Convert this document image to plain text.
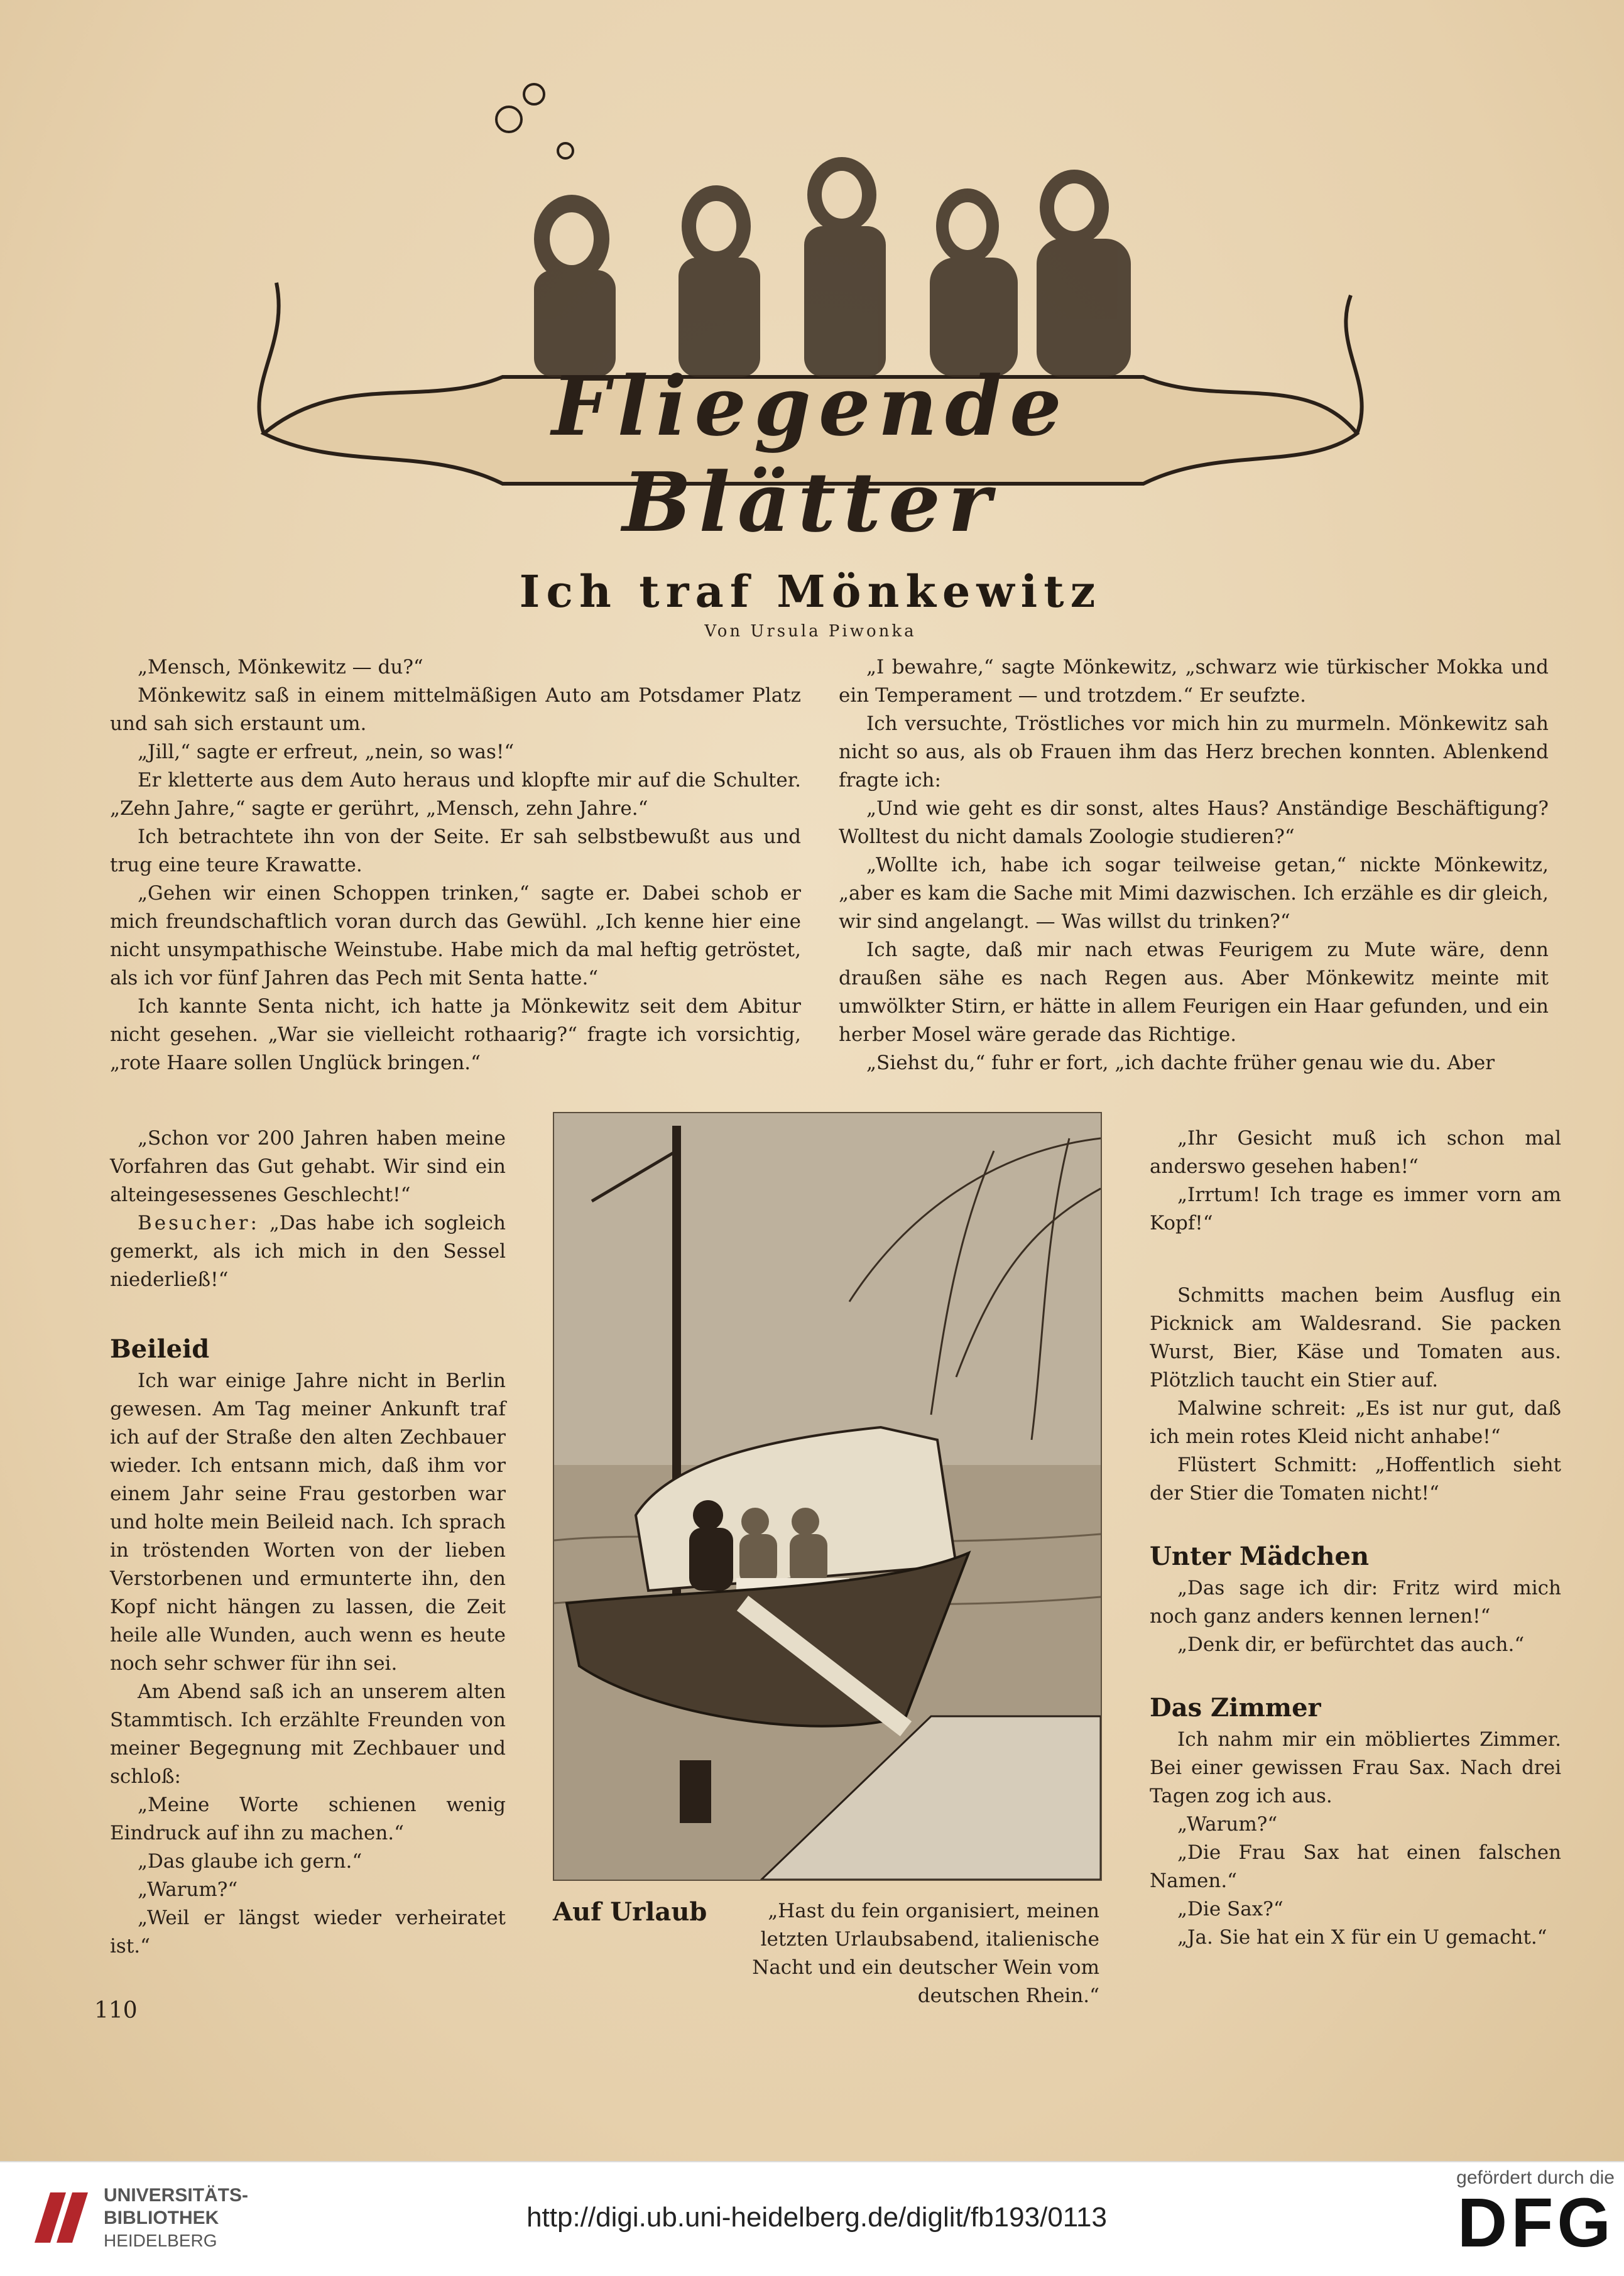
Fliegende Blätter
Ich traf Mönkewitz
Von Ursula Piwonka

„Mensch, Mönkewitz — du?“

Mönkewitz saß in einem mittelmäßigen Auto am Potsdamer Platz und sah sich erstaunt um.

„Jill,“ sagte er erfreut, „nein, so was!“

Er kletterte aus dem Auto heraus und klopfte mir auf die Schulter. „Zehn Jahre,“ sagte er gerührt, „Mensch, zehn Jahre.“

Ich betrachtete ihn von der Seite. Er sah selbstbewußt aus und trug eine teure Krawatte.

„Gehen wir einen Schoppen trinken,“ sagte er. Dabei schob er mich freundschaftlich voran durch das Gewühl. „Ich kenne hier eine nicht unsympathische Weinstube. Habe mich da mal heftig getröstet, als ich vor fünf Jahren das Pech mit Senta hatte.“

Ich kannte Senta nicht, ich hatte ja Mönkewitz seit dem Abitur nicht gesehen. „War sie vielleicht rothaarig?“ fragte ich vorsichtig, „rote Haare sollen Unglück bringen.“

„I bewahre,“ sagte Mönkewitz, „schwarz wie türkischer Mokka und ein Temperament — und trotzdem.“ Er seufzte.

Ich versuchte, Tröstliches vor mich hin zu murmeln. Mönkewitz sah nicht so aus, als ob Frauen ihm das Herz brechen konnten. Ablenkend fragte ich:

„Und wie geht es dir sonst, altes Haus? Anständige Beschäftigung? Wolltest du nicht damals Zoologie studieren?“

„Wollte ich, habe ich sogar teilweise getan,“ nickte Mönkewitz, „aber es kam die Sache mit Mimi dazwischen. Ich erzähle es dir gleich, wir sind angelangt. — Was willst du trinken?“

Ich sagte, daß mir nach etwas Feurigem zu Mute wäre, denn draußen sähe es nach Regen aus. Aber Mönkewitz meinte mit umwölkter Stirn, er hätte in allem Feurigen ein Haar gefunden, und ein herber Mosel wäre gerade das Richtige.

„Siehst du,“ fuhr er fort, „ich dachte früher genau wie du. Aber

„Schon vor 200 Jahren haben meine Vorfahren das Gut gehabt. Wir sind ein alteingesessenes Geschlecht!“

Besucher: „Das habe ich sogleich gemerkt, als ich mich in den Sessel niederließ!“

Beileid

Ich war einige Jahre nicht in Berlin gewesen. Am Tag meiner Ankunft traf ich auf der Straße den alten Zechbauer wieder. Ich entsann mich, daß ihm vor einem Jahr seine Frau gestorben war und holte mein Beileid nach. Ich sprach in tröstenden Worten von der lieben Verstorbenen und ermunterte ihn, den Kopf nicht hängen zu lassen, die Zeit heile alle Wunden, auch wenn es heute noch sehr schwer für ihn sei.

Am Abend saß ich an unserem alten Stammtisch. Ich erzählte Freunden von meiner Begegnung mit Zechbauer und schloß:

„Meine Worte schienen wenig Eindruck auf ihn zu machen.“

„Das glaube ich gern.“

„Warum?“

„Weil er längst wieder verheiratet ist.“

Auf Urlaub	„Hast du fein organisiert, meinen letzten Urlaubsabend, italienische Nacht und ein deutscher Wein vom deutschen Rhein.“

„Ihr Gesicht muß ich schon mal anderswo gesehen haben!“

„Irrtum! Ich trage es immer vorn am Kopf!“

Schmitts machen beim Ausflug ein Picknick am Waldesrand. Sie packen Wurst, Bier, Käse und Tomaten aus. Plötzlich taucht ein Stier auf.

Malwine schreit: „Es ist nur gut, daß ich mein rotes Kleid nicht anhabe!“

Flüstert Schmitt: „Hoffentlich sieht der Stier die Tomaten nicht!“

Unter Mädchen

„Das sage ich dir: Fritz wird mich noch ganz anders kennen lernen!“

„Denk dir, er befürchtet das auch.“

Das Zimmer

Ich nahm mir ein möbliertes Zimmer. Bei einer gewissen Frau Sax. Nach drei Tagen zog ich aus.

„Warum?“

„Die Frau Sax hat einen falschen Namen.“

„Die Sax?“

„Ja. Sie hat ein X für ein U gemacht.“

110
UNIVERSITÄTS-
BIBLIOTHEK
HEIDELBERG
http://digi.ub.uni-heidelberg.de/diglit/fb193/0113
gefördert durch die
DFG
